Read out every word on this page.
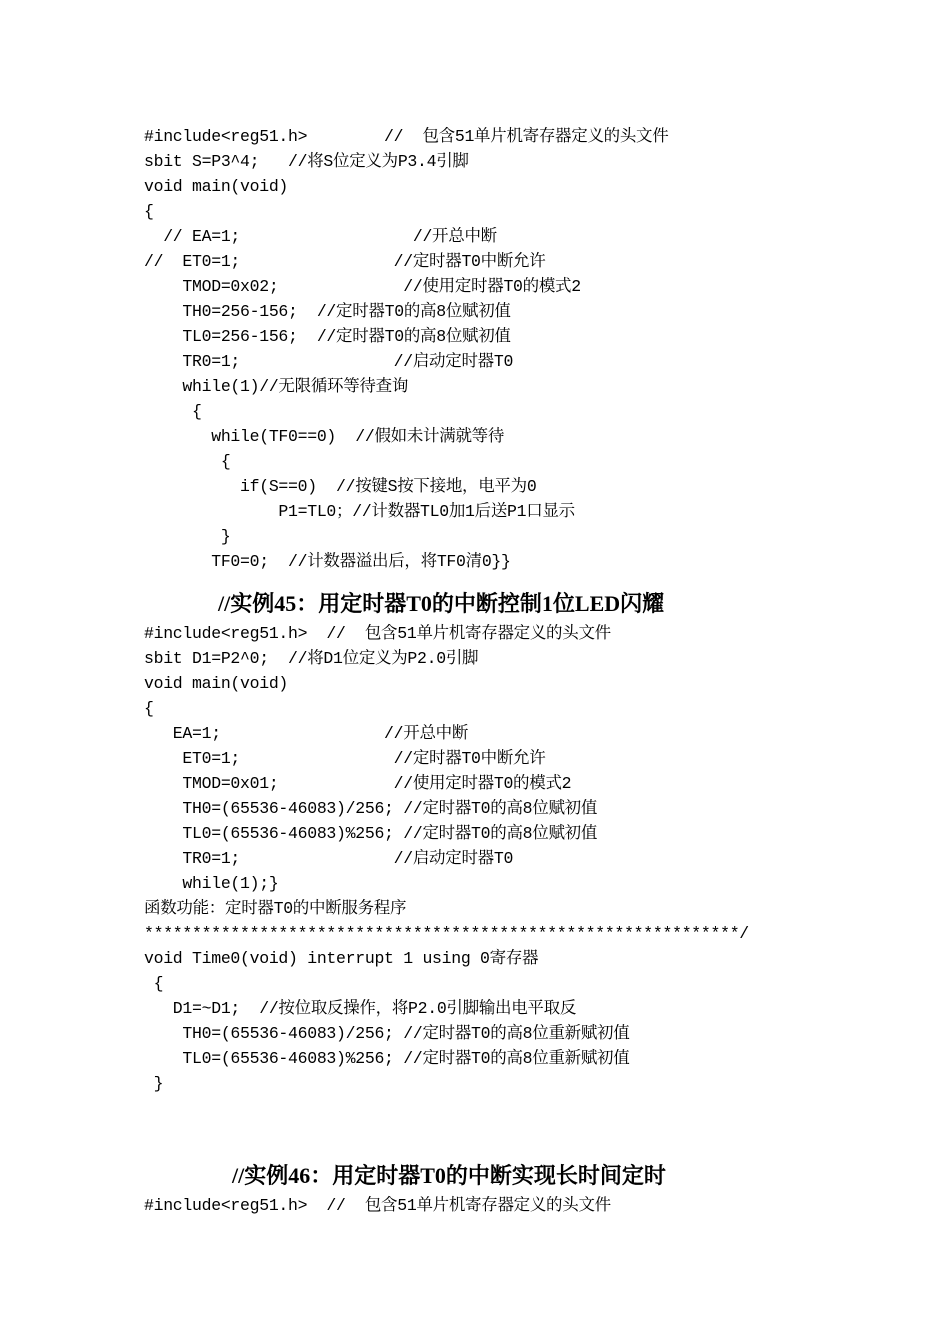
#include<reg51.h>        //  包含51单片机寄存器定义的头文件
sbit S=P3^4;   //将S位定义为P3.4引脚
void main(void)
{
// EA=1;                  //开总中断
//  ET0=1;                //定时器T0中断允许
TMOD=0x02;             //使用定时器T0的模式2
TH0=256-156;  //定时器T0的高8位赋初值
TL0=256-156;  //定时器T0的高8位赋初值
TR0=1;                //启动定时器T0
while(1)//无限循环等待查询
{
while(TF0==0)  //假如未计满就等待
{
if(S==0)  //按键S按下接地，电平为0
P1=TL0；//计数器TL0加1后送P1口显示
}
TF0=0;  //计数器溢出后，将TF0清0}}
//实例45：用定时器T0的中断控制1位LED闪耀
#include<reg51.h>  //  包含51单片机寄存器定义的头文件
sbit D1=P2^0;  //将D1位定义为P2.0引脚
void main(void)
{
EA=1;                 //开总中断
ET0=1;                //定时器T0中断允许
TMOD=0x01;            //使用定时器T0的模式2
TH0=(65536-46083)/256; //定时器T0的高8位赋初值
TL0=(65536-46083)%256; //定时器T0的高8位赋初值
TR0=1;                //启动定时器T0
while(1);}
函数功能：定时器T0的中断服务程序
**************************************************************/
void Time0(void) interrupt 1 using 0寄存器
{
D1=~D1;  //按位取反操作，将P2.0引脚输出电平取反
TH0=(65536-46083)/256; //定时器T0的高8位重新赋初值
TL0=(65536-46083)%256; //定时器T0的高8位重新赋初值
}
//实例46：用定时器T0的中断实现长时间定时
#include<reg51.h>  //  包含51单片机寄存器定义的头文件
